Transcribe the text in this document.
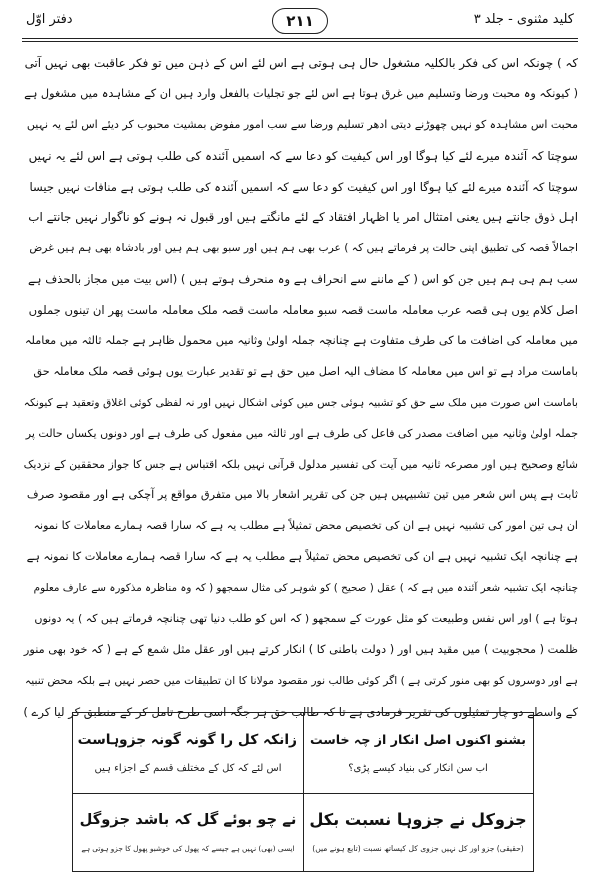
کلید مثنوی - جلد ۳
۲۱۱
دفتر اوّل
کہ ) چونکہ اس کی فکر بالکلیہ مشغول حال ہی ہوتی ہے اس لئے اس کے ذہن میں تو فکر عاقبت بھی نہیں آتی
( کیونکہ وہ محبت ورضا وتسلیم میں غرق ہوتا ہے اس لئے جو تجلیات بالفعل وارد ہیں ان کے مشاہدہ میں مشغول ہے
محبت اس مشاہدہ کو نہیں چھوڑنے دیتی ادھر تسلیم ورضا سے سب امور مفوض بمشیت محبوب کر دیئے اس لئے یہ نہیں
سوچتا کہ آئندہ میرے لئے کیا ہوگا اور اس کیفیت کو دعا سے کہ اسمیں آئندہ کی طلب ہوتی ہے اس لئے یہ نہیں
سوچتا کہ آئندہ میرے لئے کیا ہوگا اور اس کیفیت کو دعا سے کہ اسمیں آئندہ کی طلب ہوتی ہے منافات نہیں جیسا
اہل ذوق جانتے ہیں یعنی امتثال امر یا اظہار افتقاد کے لئے مانگتے ہیں اور قبول نہ ہونے کو ناگوار نہیں جانتے اب
اجمالاً قصہ کی تطبیق اپنی حالت پر فرماتے ہیں کہ ) عرب بھی ہم ہیں اور سبو بھی ہم ہیں اور بادشاہ بھی ہم ہیں غرض
سب ہم ہی ہم ہیں جن کو اس ( کے ماننے سے انحراف ہے وہ منحرف ہوتے ہیں ) (اس بیت میں مجاز بالحذف ہے
اصل کلام یوں ہی قصہ عرب معاملہ ماست قصہ سبو معاملہ ماست قصہ ملک معاملہ ماست پھر ان تینوں جملوں
میں معاملہ کی اضافت ما کی طرف متفاوت ہے چنانچہ جملہ اولیٰ وثانیہ میں محمول ظاہر ہے جملہ ثالثہ میں معاملہ
باماست مراد ہے تو اس میں معاملہ کا مضاف الیہ اصل میں حق ہے تو تقدیر عبارت یوں ہوئی قصہ ملک معاملہ حق
باماست اس صورت میں ملک سے حق کو تشبیہ ہوئی جس میں کوئی اشکال نہیں اور نہ لفظی کوئی اغلاق وتعقید ہے کیونکہ
جملہ اولیٰ وثانیہ میں اضافت مصدر کی فاعل کی طرف ہے اور ثالثہ میں مفعول کی طرف ہے اور دونوں یکساں حالت پر
شائع وصحیح ہیں اور مصرعہ ثانیہ میں آیت کی تفسیر مدلول قرآنی نہیں بلکہ اقتباس ہے جس کا جواز محققین کے نزدیک
ثابت ہے پس اس شعر میں تین تشبیہیں ہیں جن کی تقریر اشعار بالا میں متفرق مواقع پر آچکی ہے اور مقصود صرف
ان ہی تین امور کی تشبیہ نہیں ہے ان کی تخصیص محض تمثیلاً ہے مطلب یہ ہے کہ سارا قصہ ہمارے معاملات کا نمونہ
ہے چنانچہ ایک تشبیہ نہیں ہے ان کی تخصیص محض تمثیلاً ہے مطلب یہ ہے کہ سارا قصہ ہمارے معاملات کا نمونہ ہے
چنانچہ ایک تشبیہ شعر آئندہ میں ہے کہ ) عقل ( صحیح ) کو شوہر کی مثال سمجھو ( کہ وہ مناظرہ مذکورہ سے عارف معلوم
ہوتا ہے ) اور اس نفس وطبیعت کو مثل عورت کے سمجھو ( کہ اس کو طلب دنیا تھی چنانچہ فرماتے ہیں کہ ) یہ دونوں
ظلمت ( محجوبیت ) میں مقید ہیں اور ( دولت باطنی کا ) انکار کرتے ہیں اور عقل مثل شمع کے ہے ( کہ خود بھی منور
ہے اور دوسروں کو بھی منور کرتی ہے ) اگر کوئی طالب نور مقصود مولانا کا ان تطبیقات میں حصر نہیں ہے بلکہ محض تنبیہ
کے واسطے دو چار تمثیلوں کی تقریر فرمادی ہے تا کہ طالب حق ہر جگہ اسی طرح تامل کر کے منطبق کر لیا کرے )
بشنو اکنوں اصل انکار از چہ خاست
اب سن انکار کی بنیاد کیسے پڑی؟
زانکہ کل را گونہ گونہ جزوہاست
اس لئے کہ کل کے مختلف قسم کے اجزاء ہیں
جزوکل نے جزوہا نسبت بکل
(حقیقی) جزو اور کل نہیں جزوی کل کیساتھ نسبت (تابع ہونے میں)
نے چو بوئے گل کہ باشد جزوگل
ایسی (بھی) نہیں ہے جیسے کہ پھول کی خوشبو پھول کا جزو ہوتی ہے
